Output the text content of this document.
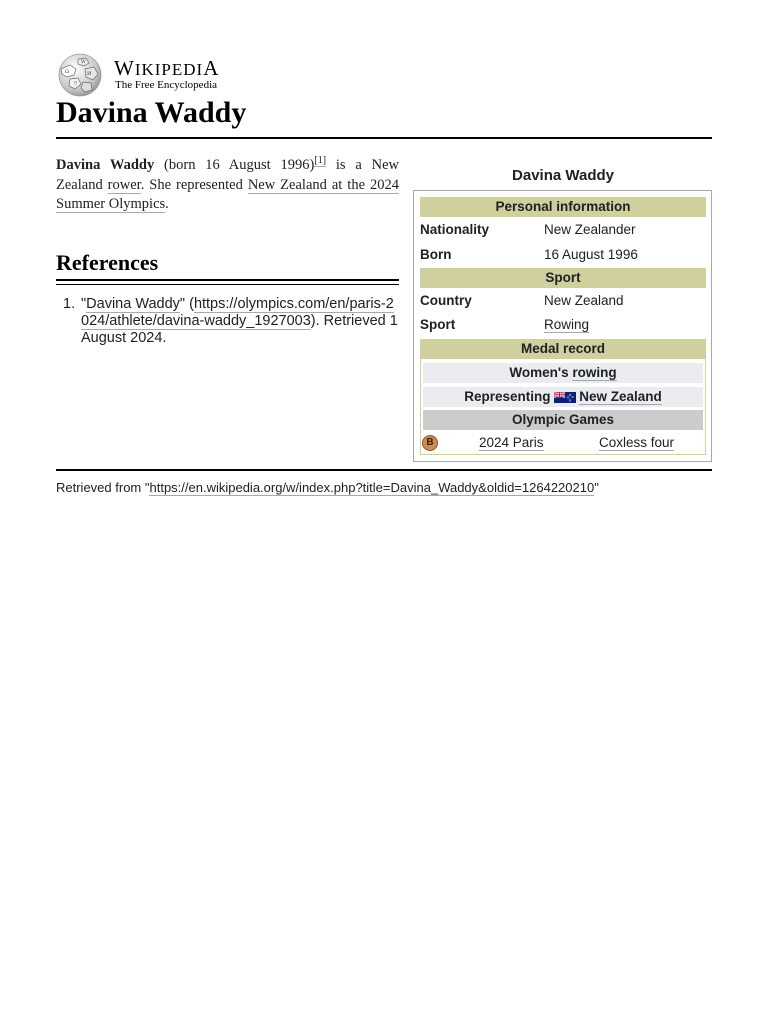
Ω	И
ワ
W WIKIPEDIA
The Free Encyclopedia
Davina Waddy

Davina Waddy (born 16 August 1996)[1] is a New Zealand rower. She represented New Zealand at the 2024 Summer Olympics.

References
1. "Davina Waddy" (https://olympics.com/en/paris-2024/athlete/davina-waddy_1927003). Retrieved 1 August 2024.
Davina Waddy
Personal information
Nationality	New Zealander
Born	16 August 1996
Sport
Country	New Zealand
Sport	Rowing
Medal record
Women's rowing
Representing New Zealand
Olympic Games
B	2024 Paris	Coxless four
Retrieved from "https://en.wikipedia.org/w/index.php?title=Davina_Waddy&oldid=1264220210"
